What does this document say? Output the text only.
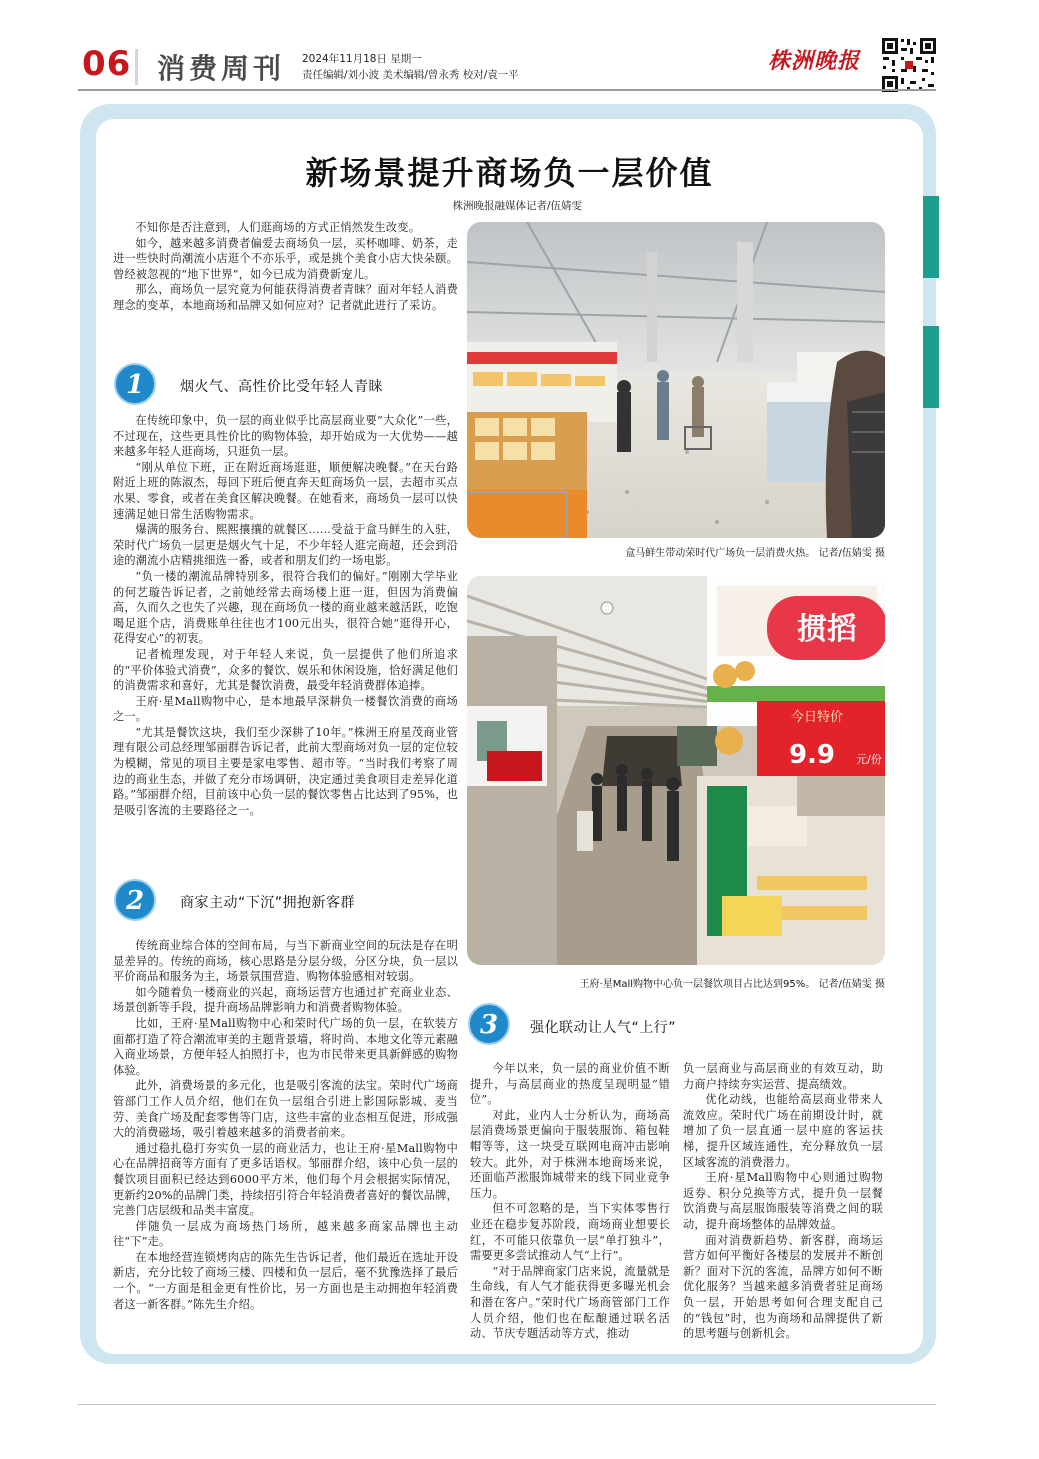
06 消费周刊 2024年11月18日 星期一
责任编辑/刘小波 美术编辑/曾永秀 校对/袁一平
株洲晚报
新场景提升商场负一层价值
株洲晚报融媒体记者/伍婧雯

不知你是否注意到，人们逛商场的方式正悄然发生改变。

如今，越来越多消费者偏爱去商场负一层，买杯咖啡、奶茶，走进一些快时尚潮流小店逛个不亦乐乎，或是挑个美食小店大快朵颐。曾经被忽视的“地下世界”，如今已成为消费新宠儿。

那么，商场负一层究竟为何能获得消费者青睐？面对年轻人消费理念的变革，本地商场和品牌又如何应对？记者就此进行了采访。

1	烟火气、高性价比受年轻人青睐

在传统印象中，负一层的商业似乎比高层商业要“大众化”一些，不过现在，这些更具性价比的购物体验，却开始成为一大优势——越来越多年轻人逛商场，只逛负一层。

“刚从单位下班，正在附近商场逛逛，顺便解决晚餐。”在天台路附近上班的陈淑杰，每回下班后便直奔天虹商场负一层，去超市买点水果、零食，或者在美食区解决晚餐。在她看来，商场负一层可以快速满足她日常生活购物需求。

爆满的服务台、熙熙攘攘的就餐区……受益于盒马鲜生的入驻，荣时代广场负一层更是烟火气十足，不少年轻人逛完商超，还会到沿途的潮流小店精挑细选一番，或者和朋友们约一场电影。

“负一楼的潮流品牌特别多，很符合我们的偏好。”刚刚大学毕业的何艺璇告诉记者，之前她经常去商场楼上逛一逛，但因为消费偏高，久而久之也失了兴趣，现在商场负一楼的商业越来越活跃，吃饱喝足逛个店，消费账单往往也才100元出头，很符合她“逛得开心，花得安心”的初衷。

记者梳理发现，对于年轻人来说，负一层提供了他们所追求的“平价体验式消费”，众多的餐饮、娱乐和休闲设施，恰好满足他们的消费需求和喜好，尤其是餐饮消费，最受年轻消费群体追捧。

王府·星Mall购物中心，是本地最早深耕负一楼餐饮消费的商场之一。

“尤其是餐饮这块，我们至少深耕了10年。”株洲王府星茂商业管理有限公司总经理邹丽群告诉记者，此前大型商场对负一层的定位较为模糊，常见的项目主要是家电零售、超市等。“当时我们考察了周边的商业生态，并做了充分市场调研，决定通过美食项目走差异化道路。”邹丽群介绍，目前该中心负一层的餐饮零售占比达到了95%，也是吸引客流的主要路径之一。

2	商家主动“下沉”拥抱新客群

传统商业综合体的空间布局，与当下新商业空间的玩法是存在明显差异的。传统的商场，核心思路是分层分级，分区分块，负一层以平价商品和服务为主，场景氛围营造、购物体验感相对较弱。

如今随着负一楼商业的兴起，商场运营方也通过扩充商业业态、场景创新等手段，提升商场品牌影响力和消费者购物体验。

比如，王府·星Mall购物中心和荣时代广场的负一层，在软装方面都打造了符合潮流审美的主题背景墙，将时尚、本地文化等元素融入商业场景，方便年轻人拍照打卡，也为市民带来更具新鲜感的购物体验。

此外，消费场景的多元化，也是吸引客流的法宝。荣时代广场商管部门工作人员介绍，他们在负一层组合引进上影国际影城、麦当劳、美食广场及配套零售等门店，这些丰富的业态相互促进，形成强大的消费磁场，吸引着越来越多的消费者前来。

通过稳扎稳打夯实负一层的商业活力，也让王府·星Mall购物中心在品牌招商等方面有了更多话语权。邹丽群介绍，该中心负一层的餐饮项目面积已经达到6000平方米，他们每个月会根据实际情况，更新约20%的品牌门类，持续招引符合年轻消费者喜好的餐饮品牌，完善门店层级和品类丰富度。

伴随负一层成为商场热门场所，越来越多商家品牌也主动往“下”走。

在本地经营连锁烤肉店的陈先生告诉记者，他们最近在选址开设新店，充分比较了商场三楼、四楼和负一层后，毫不犹豫选择了最后一个。“一方面是租金更有性价比，另一方面也是主动拥抱年轻消费者这一新客群。”陈先生介绍。

盒马鲜生带动荣时代广场负一层消费火热。 记者/伍婧雯 摄
掼搯
今日特价
9.9 元/份
王府·星Mall购物中心负一层餐饮项目占比达到95%。 记者/伍婧雯 摄
3 强化联动让人气“上行”

今年以来，负一层的商业价值不断提升，与高层商业的热度呈现明显“错位”。

对此，业内人士分析认为，商场高层消费场景更偏向于服装服饰、箱包鞋帽等等，这一块受互联网电商冲击影响较大。此外，对于株洲本地商场来说，还面临芦淞服饰城带来的线下同业竞争压力。

但不可忽略的是，当下实体零售行业还在稳步复苏阶段，商场商业想要长红，不可能只依靠负一层“单打独斗”，需要更多尝试推动人气“上行”。

“对于品牌商家门店来说，流量就是生命线，有人气才能获得更多曝光机会和潜在客户。”荣时代广场商管部门工作人员介绍，他们也在酝酿通过联名活动、节庆专题活动等方式，推动

负一层商业与高层商业的有效互动，助力商户持续夯实运营、提高绩效。

优化动线，也能给高层商业带来人流效应。荣时代广场在前期设计时，就增加了负一层直通一层中庭的客运扶梯，提升区域连通性，充分释放负一层区域客流的消费潜力。

王府·星Mall购物中心则通过购物返券、积分兑换等方式，提升负一层餐饮消费与高层服饰服装等消费之间的联动，提升商场整体的品牌效益。

面对消费新趋势、新客群，商场运营方如何平衡好各楼层的发展并不断创新？面对下沉的客流，品牌方如何不断优化服务？当越来越多消费者驻足商场负一层，开始思考如何合理支配自己的“钱包”时，也为商场和品牌提供了新的思考题与创新机会。
